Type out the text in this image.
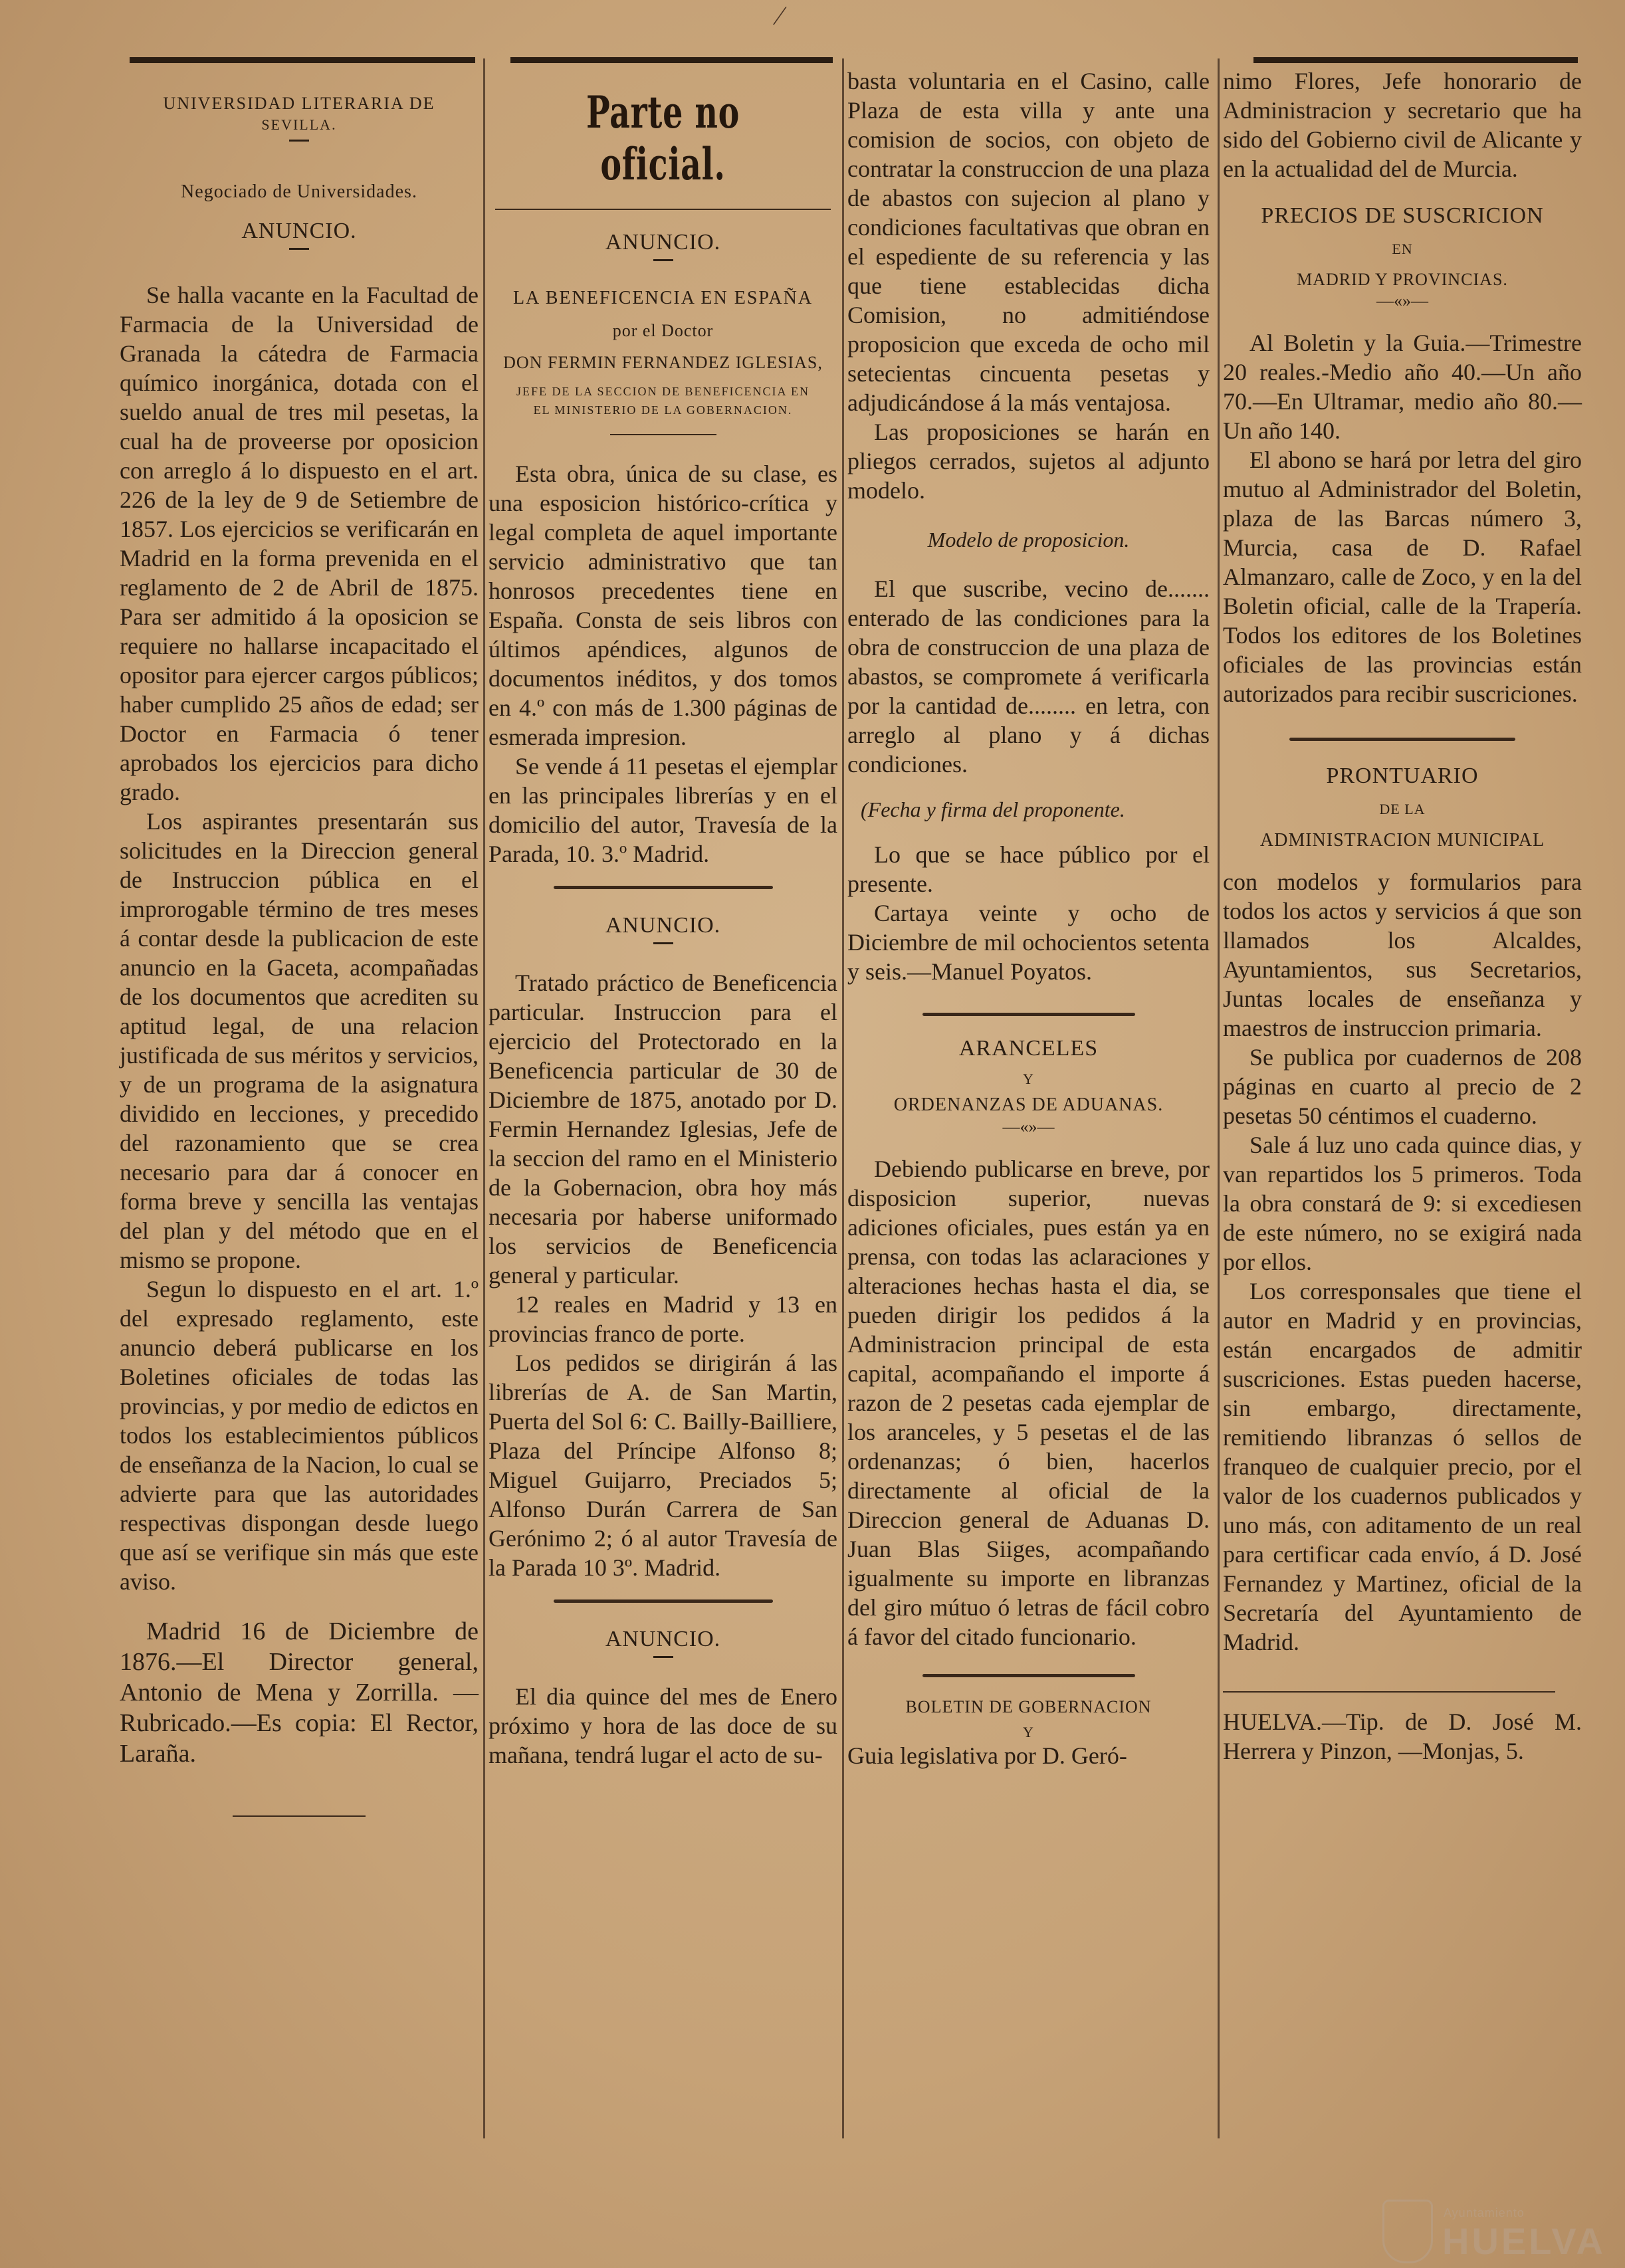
⁄

UNIVERSIDAD LITERARIA DE

SEVILLA.

Negociado de Universidades.

ANUNCIO.

Se halla vacante en la Facultad de Farmacia de la Universidad de Granada la cátedra de Farmacia químico inorgánica, dotada con el sueldo anual de tres mil pesetas, la cual ha de proveerse por oposicion con arreglo á lo dispuesto en el art. 226 de la ley de 9 de Setiembre de 1857. Los ejercicios se verificarán en Madrid en la forma prevenida en el reglamento de 2 de Abril de 1875. Para ser admitido á la oposicion se requiere no hallarse incapacitado el opositor para ejercer cargos públicos; haber cumplido 25 años de edad; ser Doctor en Farmacia ó tener aprobados los ejercicios para dicho grado.

Los aspirantes presentarán sus solicitudes en la Direccion general de Instruccion pública en el improrogable término de tres meses á contar desde la publicacion de este anuncio en la Gaceta, acompañadas de los documentos que acrediten su aptitud legal, de una relacion justificada de sus méritos y servicios, y de un programa de la asignatura dividido en lecciones, y precedido del razonamiento que se crea necesario para dar á conocer en forma breve y sencilla las ventajas del plan y del método que en el mismo se propone.

Segun lo dispuesto en el art. 1.º del expresado reglamento, este anuncio deberá publicarse en los Boletines oficiales de todas las provincias, y por medio de edictos en todos los establecimientos públicos de enseñanza de la Nacion, lo cual se advierte para que las autoridades respectivas dispongan desde luego que así se verifique sin más que este aviso.

Madrid 16 de Diciembre de 1876.—El Director general, Antonio de Mena y Zorrilla. —Rubricado.—Es copia: El Rector, Laraña.

Parte no oficial.

ANUNCIO.

LA BENEFICENCIA EN ESPAÑA

por el Doctor

DON FERMIN FERNANDEZ IGLESIAS,

JEFE DE LA SECCION DE BENEFICENCIA EN

EL MINISTERIO DE LA GOBERNACION.

Esta obra, única de su clase, es una esposicion histórico-crítica y legal completa de aquel importante servicio administrativo que tan honrosos precedentes tiene en España. Consta de seis libros con últimos apéndices, algunos de documentos inéditos, y dos tomos en 4.º con más de 1.300 páginas de esmerada impresion.

Se vende á 11 pesetas el ejemplar en las principales librerías y en el domicilio del autor, Travesía de la Parada, 10. 3.º Madrid.

ANUNCIO.

Tratado práctico de Beneficencia particular. Instruccion para el ejercicio del Protectorado en la Beneficencia particular de 30 de Diciembre de 1875, anotado por D. Fermin Hernandez Iglesias, Jefe de la seccion del ramo en el Ministerio de la Gobernacion, obra hoy más necesaria por haberse uniformado los servicios de Beneficencia general y particular.

12 reales en Madrid y 13 en provincias franco de porte.

Los pedidos se dirigirán á las librerías de A. de San Martin, Puerta del Sol 6: C. Bailly-Bailliere, Plaza del Príncipe Alfonso 8; Miguel Guijarro, Preciados 5; Alfonso Durán Carrera de San Gerónimo 2; ó al autor Travesía de la Parada 10 3º. Madrid.

ANUNCIO.

El dia quince del mes de Enero próximo y hora de las doce de su mañana, tendrá lugar el acto de su-

basta voluntaria en el Casino, calle Plaza de esta villa y ante una comision de socios, con objeto de contratar la construccion de una plaza de abastos con sujecion al plano y condiciones facultativas que obran en el espediente de su referencia y las que tiene establecidas dicha Comision, no admitiéndose proposicion que exceda de ocho mil setecientas cincuenta pesetas y adjudicándose á la más ventajosa.

Las proposiciones se harán en pliegos cerrados, sujetos al adjunto modelo.

Modelo de proposicion.

El que suscribe, vecino de....... enterado de las condiciones para la obra de construccion de una plaza de abastos, se compromete á verificarla por la cantidad de........ en letra, con arreglo al plano y á dichas condiciones.

(Fecha y firma del proponente.

Lo que se hace público por el presente.

Cartaya veinte y ocho de Diciembre de mil ochocientos setenta y seis.—Manuel Poyatos.

ARANCELES

Y

ORDENANZAS DE ADUANAS.

—«»—

Debiendo publicarse en breve, por disposicion superior, nuevas adiciones oficiales, pues están ya en prensa, con todas las aclaraciones y alteraciones hechas hasta el dia, se pueden dirigir los pedidos á la Administracion principal de esta capital, acompañando el importe á razon de 2 pesetas cada ejemplar de los aranceles, y 5 pesetas el de las ordenanzas; ó bien, hacerlos directamente al oficial de la Direccion general de Aduanas D. Juan Blas Siiges, acompañando igualmente su importe en libranzas del giro mútuo ó letras de fácil cobro á favor del citado funcionario.

BOLETIN DE GOBERNACION

Y

Guia legislativa por D. Geró-

nimo Flores, Jefe honorario de Administracion y secretario que ha sido del Gobierno civil de Alicante y en la actualidad del de Murcia.

PRECIOS DE SUSCRICION

EN

MADRID Y PROVINCIAS.

—«»—

Al Boletin y la Guia.—Trimestre 20 reales.-Medio año 40.—Un año 70.—En Ultramar, medio año 80.—Un año 140.

El abono se hará por letra del giro mutuo al Administrador del Boletin, plaza de las Barcas número 3, Murcia, casa de D. Rafael Almanzaro, calle de Zoco, y en la del Boletin oficial, calle de la Trapería. Todos los editores de los Boletines oficiales de las provincias están autorizados para recibir suscriciones.

PRONTUARIO

DE LA

ADMINISTRACION MUNICIPAL

con modelos y formularios para todos los actos y servicios á que son llamados los Alcaldes, Ayuntamientos, sus Secretarios, Juntas locales de enseñanza y maestros de instruccion primaria.

Se publica por cuadernos de 208 páginas en cuarto al precio de 2 pesetas 50 céntimos el cuaderno.

Sale á luz uno cada quince dias, y van repartidos los 5 primeros. Toda la obra constará de 9: si excediesen de este número, no se exigirá nada por ellos.

Los corresponsales que tiene el autor en Madrid y en provincias, están encargados de admitir suscriciones. Estas pueden hacerse, sin embargo, directamente, remitiendo libranzas ó sellos de franqueo de cualquier precio, por el valor de los cuadernos publicados y uno más, con aditamento de un real para certificar cada envío, á D. José Fernandez y Martinez, oficial de la Secretaría del Ayuntamiento de Madrid.

HUELVA.—Tip. de D. José M. Herrera y Pinzon, —Monjas, 5.

Ayuntamiento
HUELVA
